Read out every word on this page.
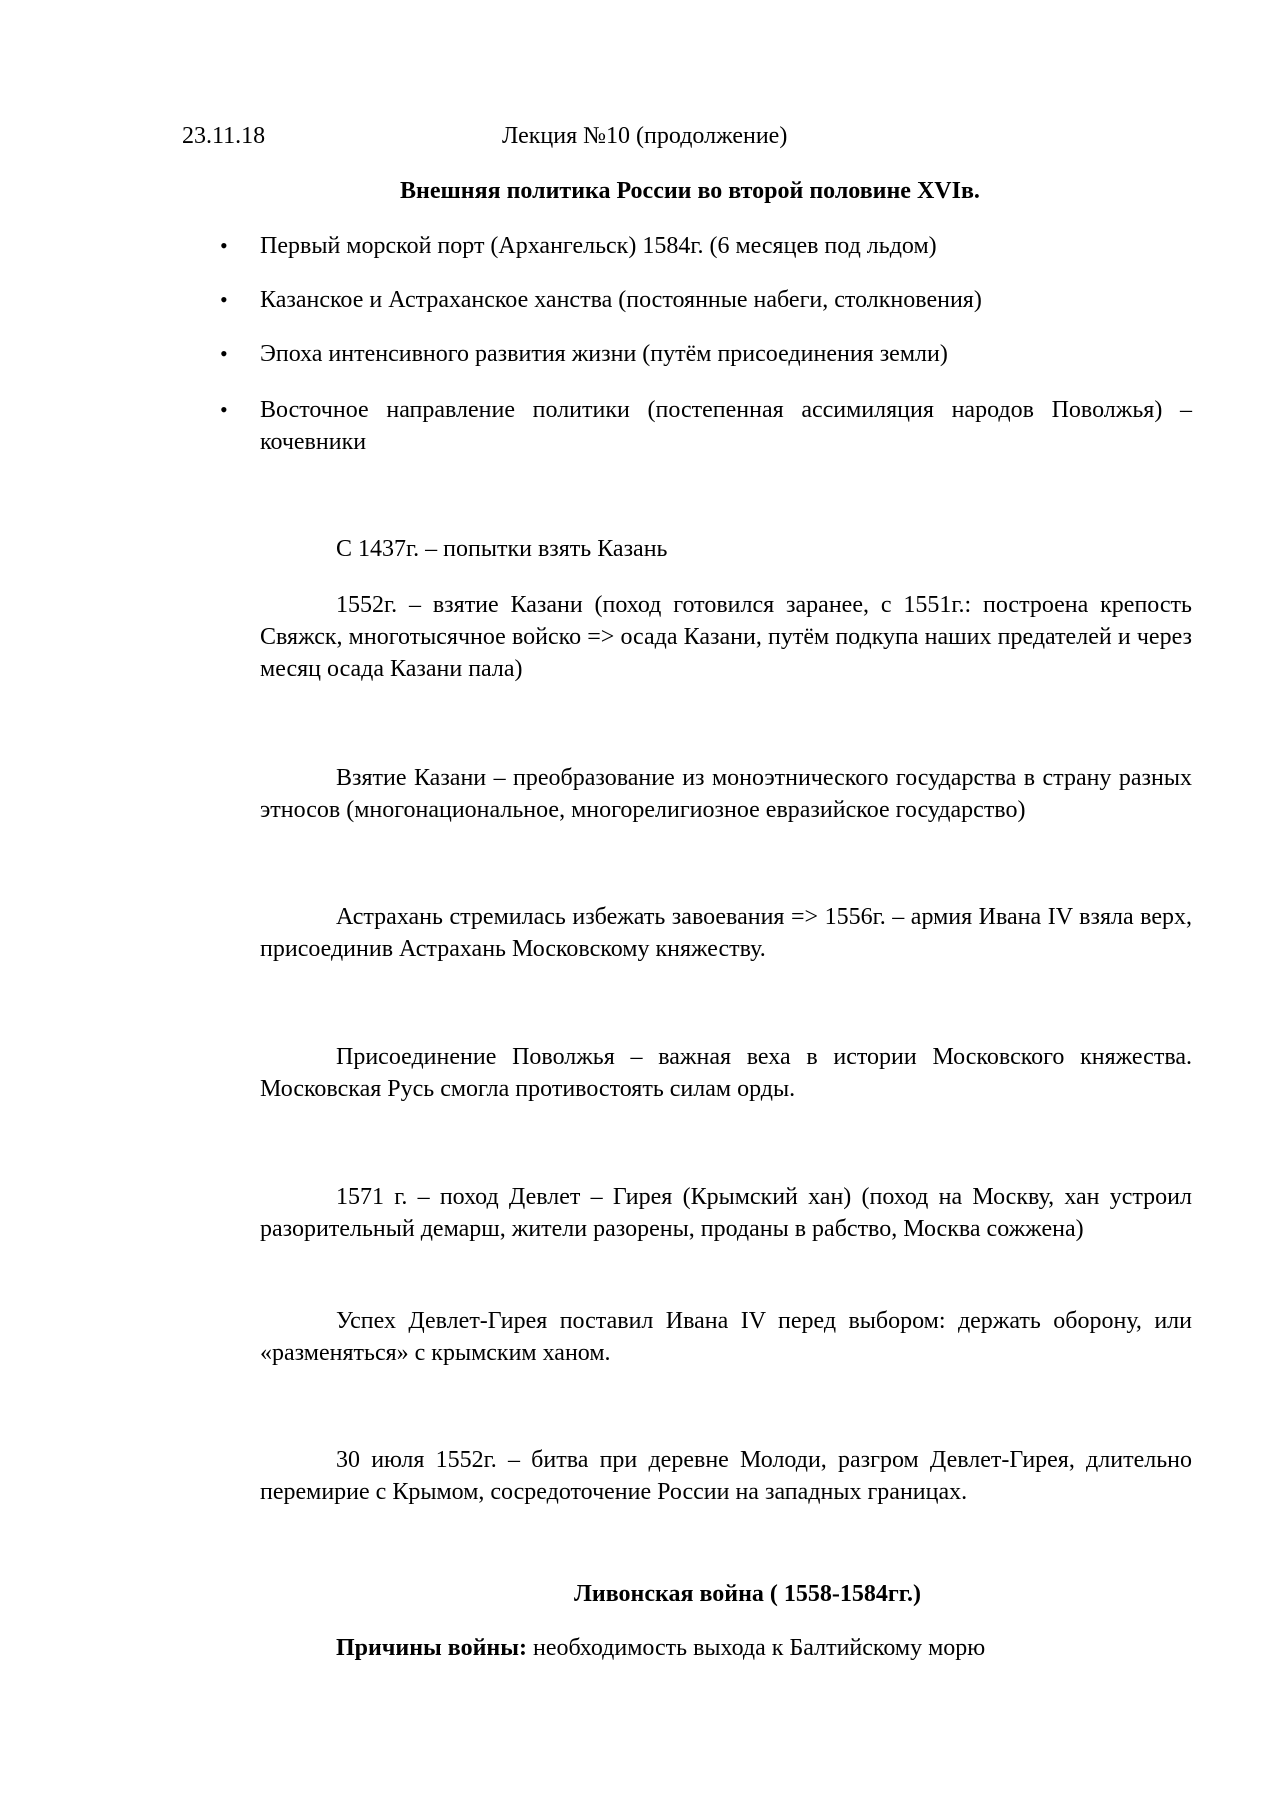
23.11.18	Лекция №10 (продолжение)
Внешняя политика России во второй половине XVIв.
• Первый морской порт (Архангельск) 1584г. (6 месяцев под льдом)
• Казанское и Астраханское ханства (постоянные набеги, столкновения)
• Эпоха интенсивного развития жизни (путём присоединения земли)
• Восточное направление политики (постепенная ассимиляция народов Поволжья) – кочевники
С 1437г. – попытки взять Казань
1552г. – взятие Казани (поход готовился заранее, с 1551г.: построена крепость Свяжск, многотысячное войско => осада Казани, путём подкупа наших предателей и через месяц осада Казани пала)
Взятие Казани – преобразование из моноэтнического государства в страну разных этносов (многонациональное, многорелигиозное евразийское государство)
Астрахань стремилась избежать завоевания => 1556г. – армия Ивана IV взяла верх, присоединив Астрахань Московскому княжеству.
Присоединение Поволжья – важная веха в истории Московского княжества. Московская Русь смогла противостоять силам орды.
1571 г. – поход Девлет – Гирея (Крымский хан) (поход на Москву, хан устроил разорительный демарш, жители разорены, проданы в рабство, Москва сожжена)
Успех Девлет-Гирея поставил Ивана IV перед выбором: держать оборону, или «разменяться» с крымским ханом.
30 июля 1552г. – битва при деревне Молоди, разгром Девлет-Гирея, длительно перемирие с Крымом, сосредоточение России на западных границах.
Ливонская война ( 1558-1584гг.)
Причины войны: необходимость выхода к Балтийскому морю
